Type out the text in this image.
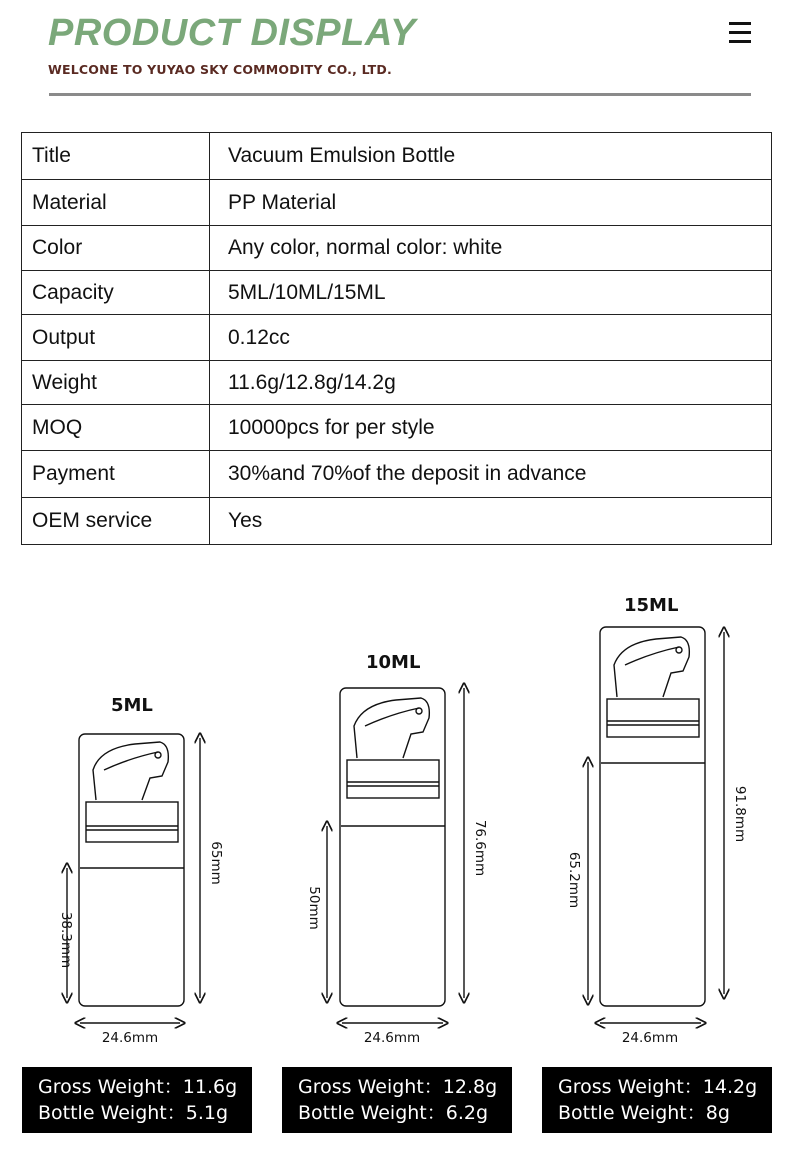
PRODUCT DISPLAY
WELCONE TO YUYAO SKY COMMODITY CO., LTD.
Title	Vacuum Emulsion Bottle
Material	PP Material
Color	Any color, normal color: white
Capacity	5ML/10ML/15ML
Output	0.12cc
Weight	11.6g/12.8g/14.2g
MOQ	10000pcs for per style
Payment	30%and 70%of the deposit in advance
OEM service	Yes
5ML
10ML
15ML
65mm
38.3mm
24.6mm
76.6mm
50mm
24.6mm
91.8mm
65.2mm
24.6mm
Gross Weight：11.6g
Bottle Weight：5.1g
Gross Weight：12.8g
Bottle Weight：6.2g
Gross Weight：14.2g
Bottle Weight：8g
